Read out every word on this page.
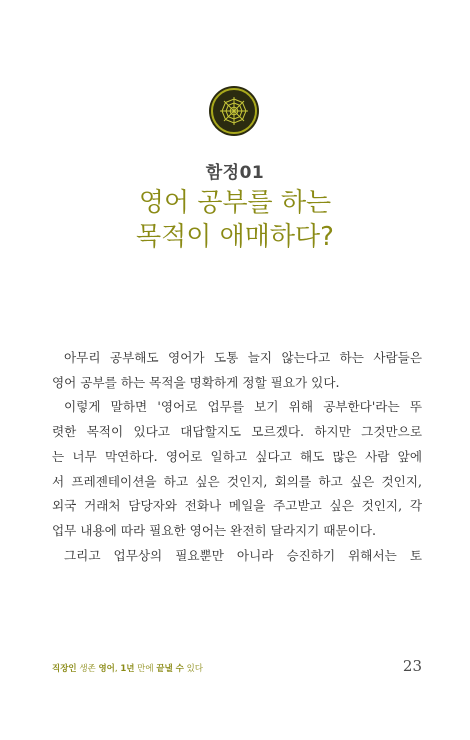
함정01
영어 공부를 하는
목적이 애매하다?
아무리 공부해도 영어가 도통 늘지 않는다고 하는 사람들은
영어 공부를 하는 목적을 명확하게 정할 필요가 있다.
이렇게 말하면 '영어로 업무를 보기 위해 공부한다'라는 뚜
렷한 목적이 있다고 대답할지도 모르겠다. 하지만 그것만으로
는 너무 막연하다. 영어로 일하고 싶다고 해도 많은 사람 앞에
서 프레젠테이션을 하고 싶은 것인지, 회의를 하고 싶은 것인지,
외국 거래처 담당자와 전화나 메일을 주고받고 싶은 것인지, 각
업무 내용에 따라 필요한 영어는 완전히 달라지기 때문이다.
그리고 업무상의 필요뿐만 아니라 승진하기 위해서는 토
직장인 생존 영어, 1년 만에 끝낼 수 있다	23
